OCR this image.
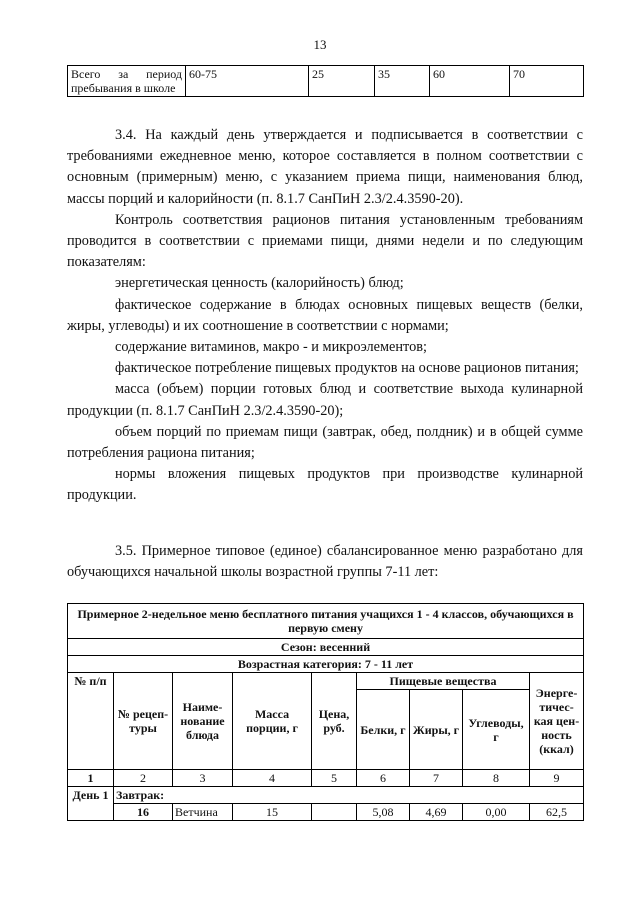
13
Всего за период пребывания в школе	60-75	25	35	60	70

3.4. На каждый день утверждается и подписывается в соответствии с требованиями ежедневное меню, которое составляется в полном соответствии с основным (примерным) меню, с указанием приема пищи, наименования блюд, массы порций и калорийности (п. 8.1.7 СанПиН 2.3/2.4.3590-20).

Контроль соответствия рационов питания установленным требованиям проводится в соответствии с приемами пищи, днями недели и по следующим показателям:

энергетическая ценность (калорийность) блюд;

фактическое содержание в блюдах основных пищевых веществ (белки, жиры, углеводы) и их соотношение в соответствии с нормами;

содержание витаминов, макро - и микроэлементов;

фактическое потребление пищевых продуктов на основе рационов питания;

масса (объем) порции готовых блюд и соответствие выхода кулинарной продукции (п. 8.1.7 СанПиН 2.3/2.4.3590-20);

объем порций по приемам пищи (завтрак, обед, полдник) и в общей сумме потребления рациона питания;

нормы вложения пищевых продуктов при производстве кулинарной продукции.

3.5. Примерное типовое (единое) сбалансированное меню разработано для обучающихся начальной школы возрастной группы 7-11 лет:

Примерное 2-недельное меню бесплатного питания учащихся 1 - 4 классов, обучающихся в первую смену								
Сезон: весенний								
Возрастная категория: 7 - 11 лет								
№ п/п	№ рецеп-туры	Наиме-нование блюда	Масса порции, г	Цена, руб.	Пищевые вещества			Энерге-тичес-кая цен-ность (ккал)
					Белки, г	Жиры, г	Углеводы, г	
1	2	3	4	5	6	7	8	9
День 1	Завтрак:							
	16	Ветчина	15		5,08	4,69	0,00	62,5
